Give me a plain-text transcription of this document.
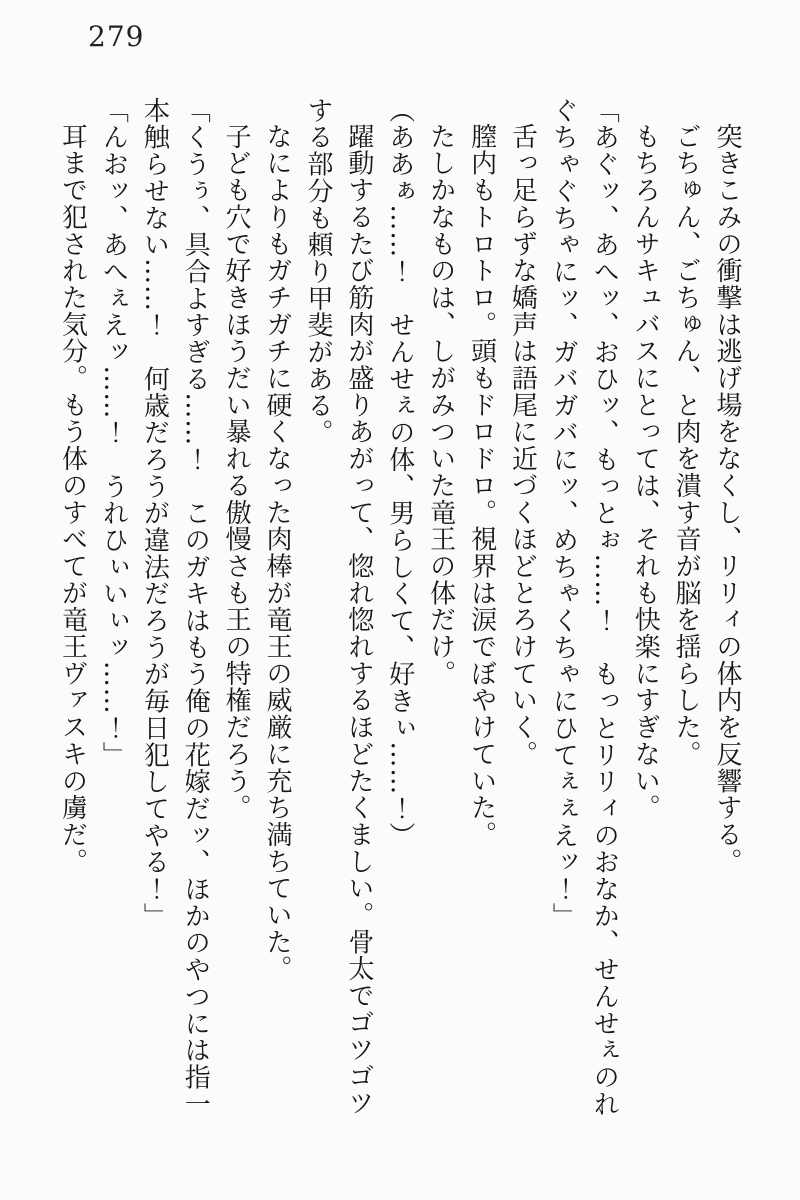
279

突きこみの衝撃は逃げ場をなくし、リリィの体内を反響する。

ごちゅん、ごちゅん、と肉を潰す音が脳を揺らした。

もちろんサキュバスにとっては、それも快楽にすぎない。

「あぐッ、あへッ、おひッ、もっとぉ……！　もっとリリィのおなか、せんせぇのれぐちゃぐちゃにッ、ガバガバにッ、めちゃくちゃにひてぇぇえッ！」

舌っ足らずな嬌声は語尾に近づくほどとろけていく。

膣内もトロトロ。頭もドロドロ。視界は涙でぼやけていた。

たしかなものは、しがみついた竜王の体だけ。

（ああぁ……！　せんせぇの体、男らしくて、好きぃ……！）

躍動するたび筋肉が盛りあがって、惚れ惚れするほどたくましい。骨太でゴツゴツする部分も頼り甲斐がある。

なによりもガチガチに硬くなった肉棒が竜王の威厳に充ち満ちていた。

子ども穴で好きほうだい暴れる傲慢さも王の特権だろう。

「くうぅ、具合よすぎる……！　このガキはもう俺の花嫁だッ、ほかのやつには指一本触らせない……！　何歳だろうが違法だろうが毎日犯してやる！」

「んおッ、あへぇえッ……！　うれひぃいぃッ……！」

耳まで犯された気分。もう体のすべてが竜王ヴァスキの虜だ。
